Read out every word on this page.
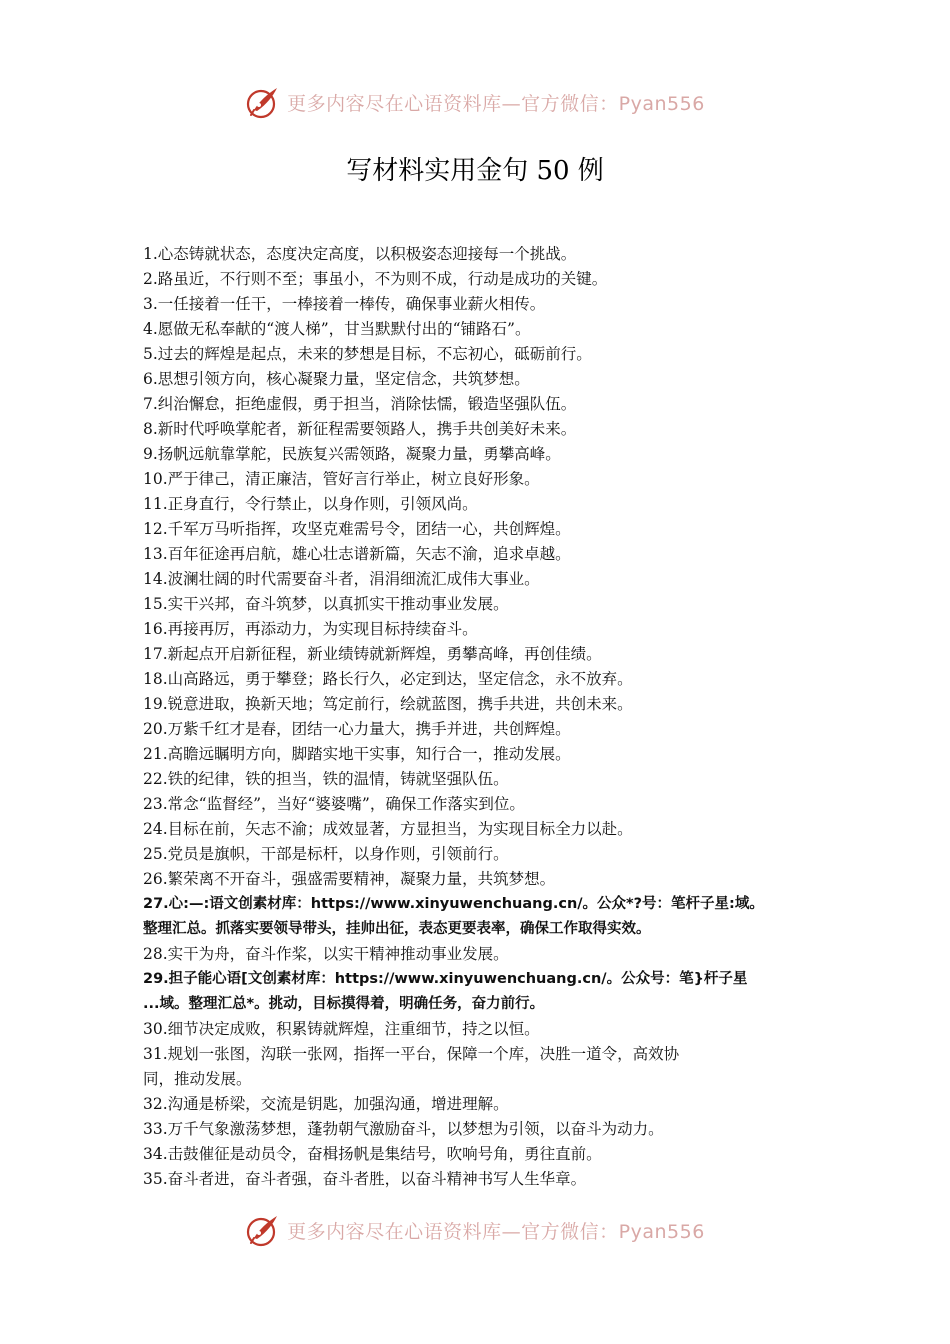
更多内容尽在心语资料库—官方微信：Pyan556
写材料实用金句 50 例
1.心态铸就状态，态度决定高度，以积极姿态迎接每一个挑战。
2.路虽近，不行则不至；事虽小，不为则不成，行动是成功的关键。
3.一任接着一任干，一棒接着一棒传，确保事业薪火相传。
4.愿做无私奉献的“渡人梯”，甘当默默付出的“铺路石”。
5.过去的辉煌是起点，未来的梦想是目标，不忘初心，砥砺前行。
6.思想引领方向，核心凝聚力量，坚定信念，共筑梦想。
7.纠治懈怠，拒绝虚假，勇于担当，消除怯懦，锻造坚强队伍。
8.新时代呼唤掌舵者，新征程需要领路人，携手共创美好未来。
9.扬帆远航靠掌舵，民族复兴需领路，凝聚力量，勇攀高峰。
10.严于律己，清正廉洁，管好言行举止，树立良好形象。
11.正身直行，令行禁止，以身作则，引领风尚。
12.千军万马听指挥，攻坚克难需号令，团结一心，共创辉煌。
13.百年征途再启航，雄心壮志谱新篇，矢志不渝，追求卓越。
14.波澜壮阔的时代需要奋斗者，涓涓细流汇成伟大事业。
15.实干兴邦，奋斗筑梦，以真抓实干推动事业发展。
16.再接再厉，再添动力，为实现目标持续奋斗。
17.新起点开启新征程，新业绩铸就新辉煌，勇攀高峰，再创佳绩。
18.山高路远，勇于攀登；路长行久，必定到达，坚定信念，永不放弃。
19.锐意进取，换新天地；笃定前行，绘就蓝图，携手共进，共创未来。
20.万紫千红才是春，团结一心力量大，携手并进，共创辉煌。
21.高瞻远瞩明方向，脚踏实地干实事，知行合一，推动发展。
22.铁的纪律，铁的担当，铁的温情，铸就坚强队伍。
23.常念“监督经”，当好“婆婆嘴”，确保工作落实到位。
24.目标在前，矢志不渝；成效显著，方显担当，为实现目标全力以赴。
25.党员是旗帜，干部是标杆，以身作则，引领前行。
26.繁荣离不开奋斗，强盛需要精神，凝聚力量，共筑梦想。
27.心:—:语文创素材库：https://www.xinyuwenchuang.cn/。公众*?号：笔杆子星:域。
整理汇总。抓落实要领导带头，挂帅出征，表态更要表率，确保工作取得实效。
28.实干为舟，奋斗作桨，以实干精神推动事业发展。
29.担子能心语[文创素材库：https://www.xinyuwenchuang.cn/。公众号：笔}杆子星
...域。整理汇总*。挑动，目标摸得着，明确任务，奋力前行。
30.细节决定成败，积累铸就辉煌，注重细节，持之以恒。
31.规划一张图，沟联一张网，指挥一平台，保障一个库，决胜一道令，高效协
同，推动发展。
32.沟通是桥梁，交流是钥匙，加强沟通，增进理解。
33.万千气象激荡梦想，蓬勃朝气激励奋斗，以梦想为引领，以奋斗为动力。
34.击鼓催征是动员令，奋楫扬帆是集结号，吹响号角，勇往直前。
35.奋斗者进，奋斗者强，奋斗者胜，以奋斗精神书写人生华章。
更多内容尽在心语资料库—官方微信：Pyan556
